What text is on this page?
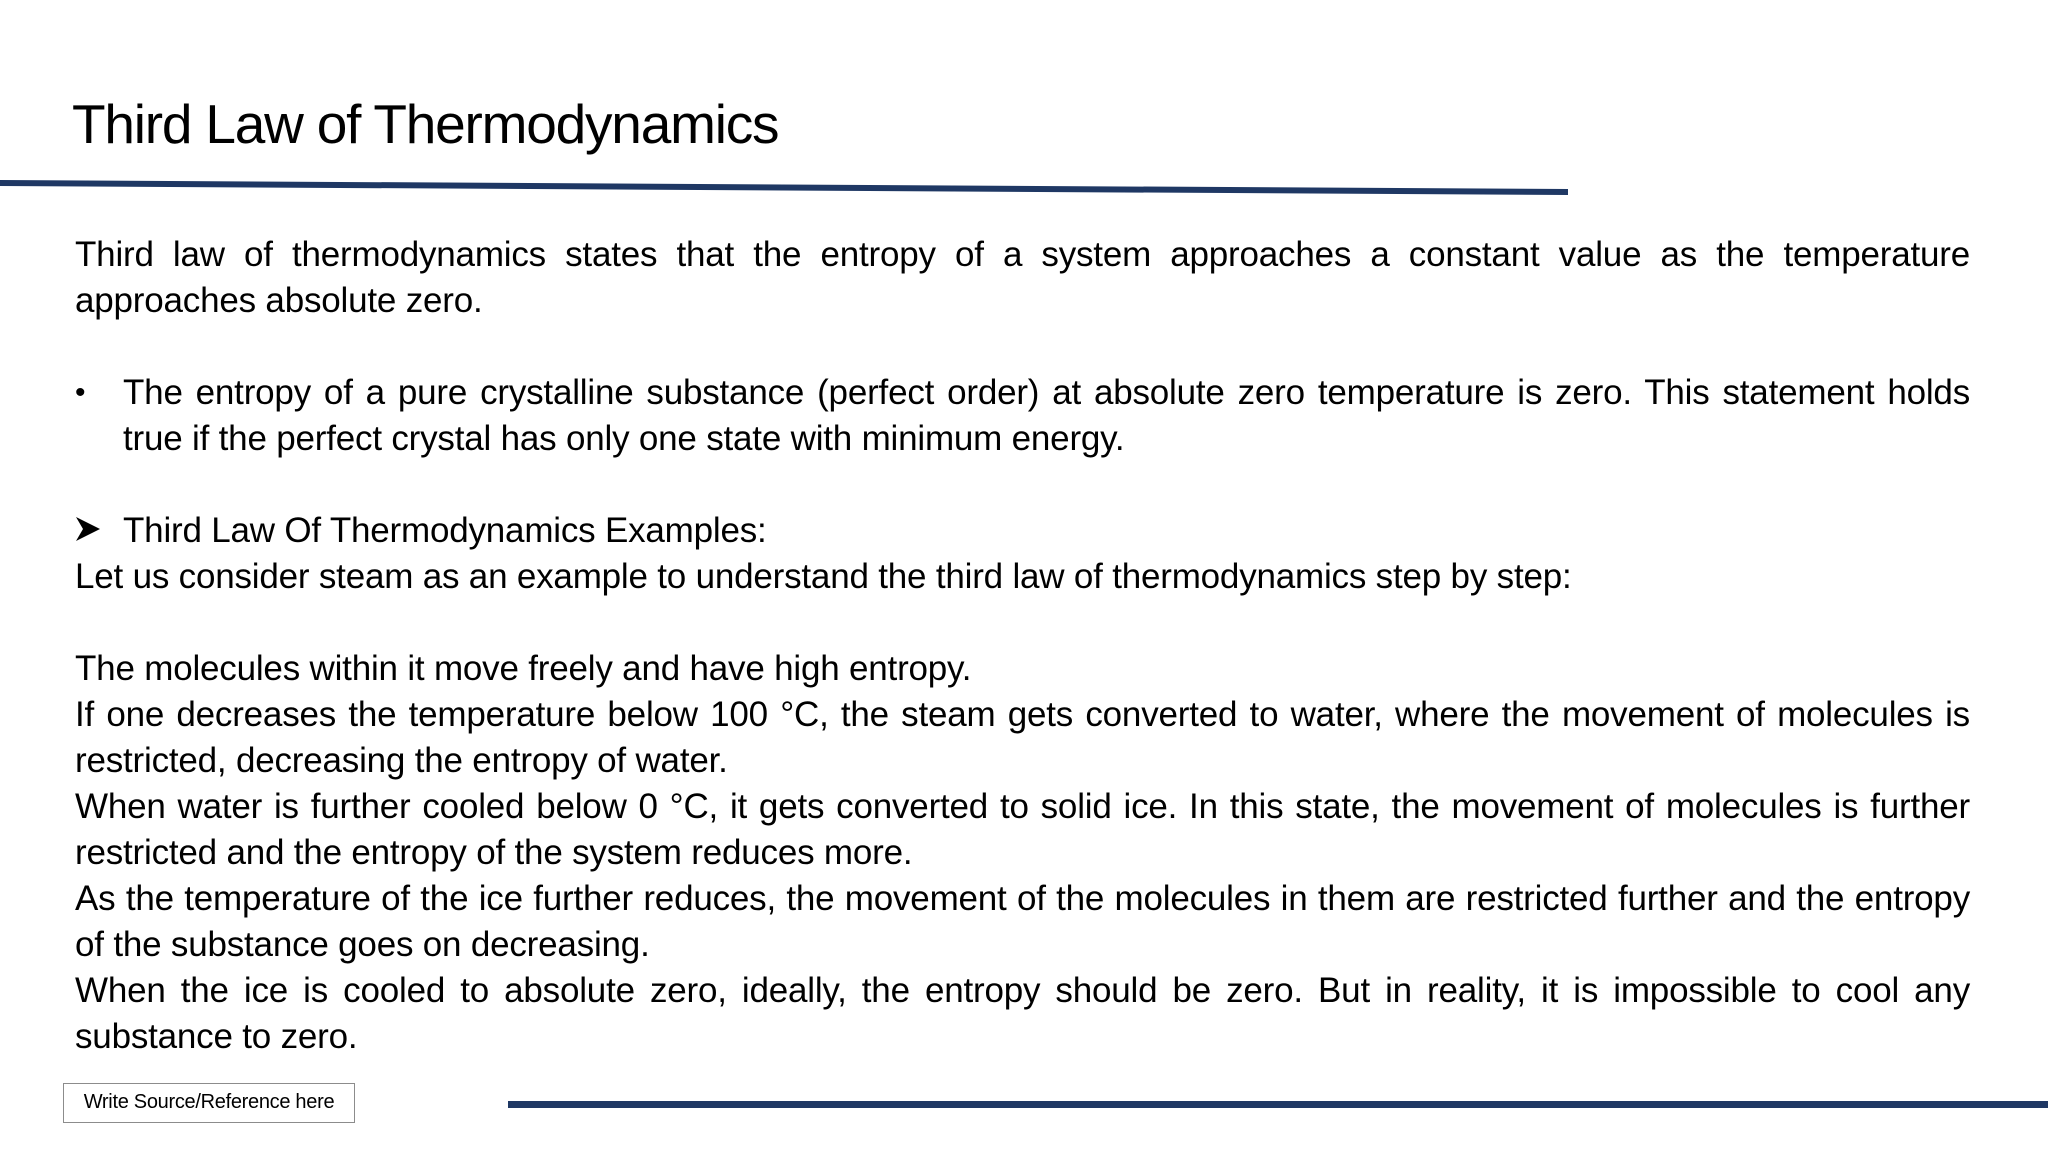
Third Law of Thermodynamics

Third law of thermodynamics states that the entropy of a system approaches a constant value as the temperature approaches absolute zero.

•	The entropy of a pure crystalline substance (perfect order) at absolute zero temperature is zero. This statement holds true if the perfect crystal has only one state with minimum energy.

Third Law Of Thermodynamics Examples:

Let us consider steam as an example to understand the third law of thermodynamics step by step:

The molecules within it move freely and have high entropy.

If one decreases the temperature below 100 °C, the steam gets converted to water, where the movement of molecules is restricted, decreasing the entropy of water.

When water is further cooled below 0 °C, it gets converted to solid ice. In this state, the movement of molecules is further restricted and the entropy of the system reduces more.

As the temperature of the ice further reduces, the movement of the molecules in them are restricted further and the entropy of the substance goes on decreasing.

When the ice is cooled to absolute zero, ideally, the entropy should be zero. But in reality, it is impossible to cool any substance to zero.

Write Source/Reference here
